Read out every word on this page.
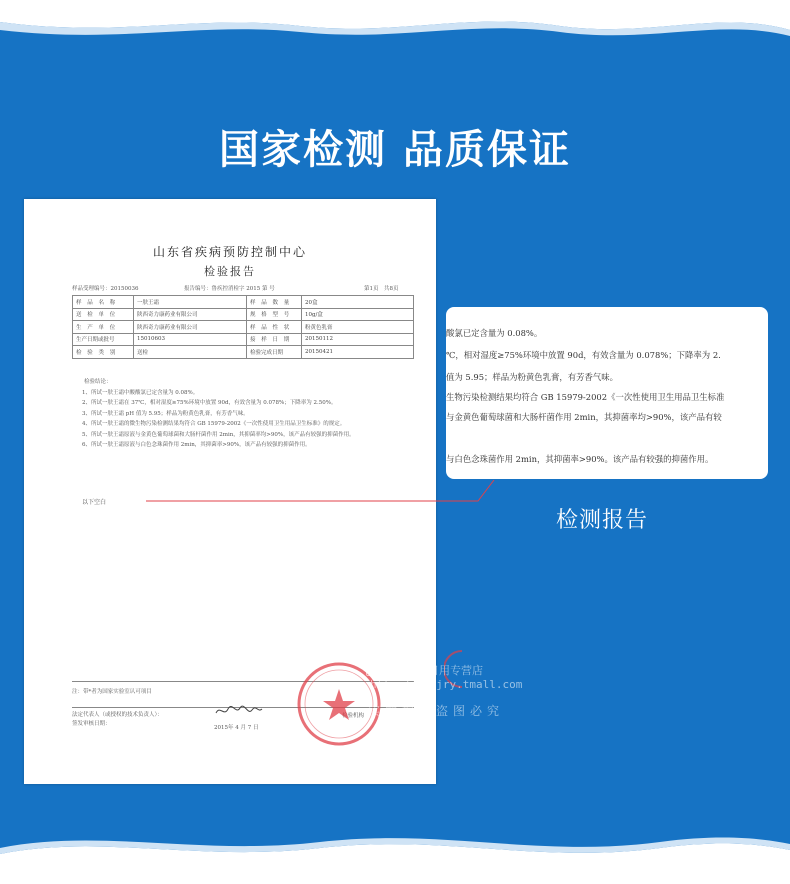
国家检测 品质保证
山东省疾病预防控制中心
检验报告
样品受理编号：20150036	报告编号：鲁疾控消检字 2015 第 号	第1页　共8页
样 品 名 称	一肤王霜	样 品 数 量	20盒
送 检 单 位	陕西奇力康药业有限公司	规 格 型 号	10g/盒
生 产 单 位	陕西奇力康药业有限公司	样 品 性 状	粉黄色乳膏
生产日期或批号	15010603	接 样 日 期	20150112
检 验 类 别	送检	检验完成日期	20150421
检验结论：
1、所试一肤王霜中酸酸氯已定含量为 0.08%。
2、所试一肤王霜在 37℃，相对湿度≥75%环境中放置 90d，有效含量为 0.078%；下降率为 2.50%。
3、所试一肤王霜 pH 值为 5.95；样品为粉黄色乳膏，有芳香气味。
4、所试一肤王霜的微生物污染检测结果均符合 GB 15979-2002《一次性使用卫生用品卫生标准》的规定。
5、所试一肤王霜原液与金黄色葡萄球菌和大肠杆菌作用 2min，其抑菌率均>90%，该产品有较强的抑菌作用。
6、所试一肤王霜原液与白色念珠菌作用 2min，其抑菌率>90%，该产品有较强的抑菌作用。
以下空白
注：带*者为国家实验室认可项目
法定代表人（或授权的技术负责人）：
签发审核日期：
检验机构
2015年 4 月 7 日
酸氯已定含量为 0.08%。
℃，相对湿度≥75%环境中放置 90d，有效含量为 0.078%；下降率为 2.
值为 5.95；样品为粉黄色乳膏，有芳香气味。
生物污染检测结果均符合 GB 15979-2002《一次性使用卫生用品卫生标准
与金黄色葡萄球菌和大肠杆菌作用 2min，其抑菌率均>90%，该产品有较
与白色念珠菌作用 2min，其抑菌率>90%。该产品有较强的抑菌作用。
检测报告
一休居家日用专营店
http://yxjjry.tmall.com
实物拍摄盗图必究
